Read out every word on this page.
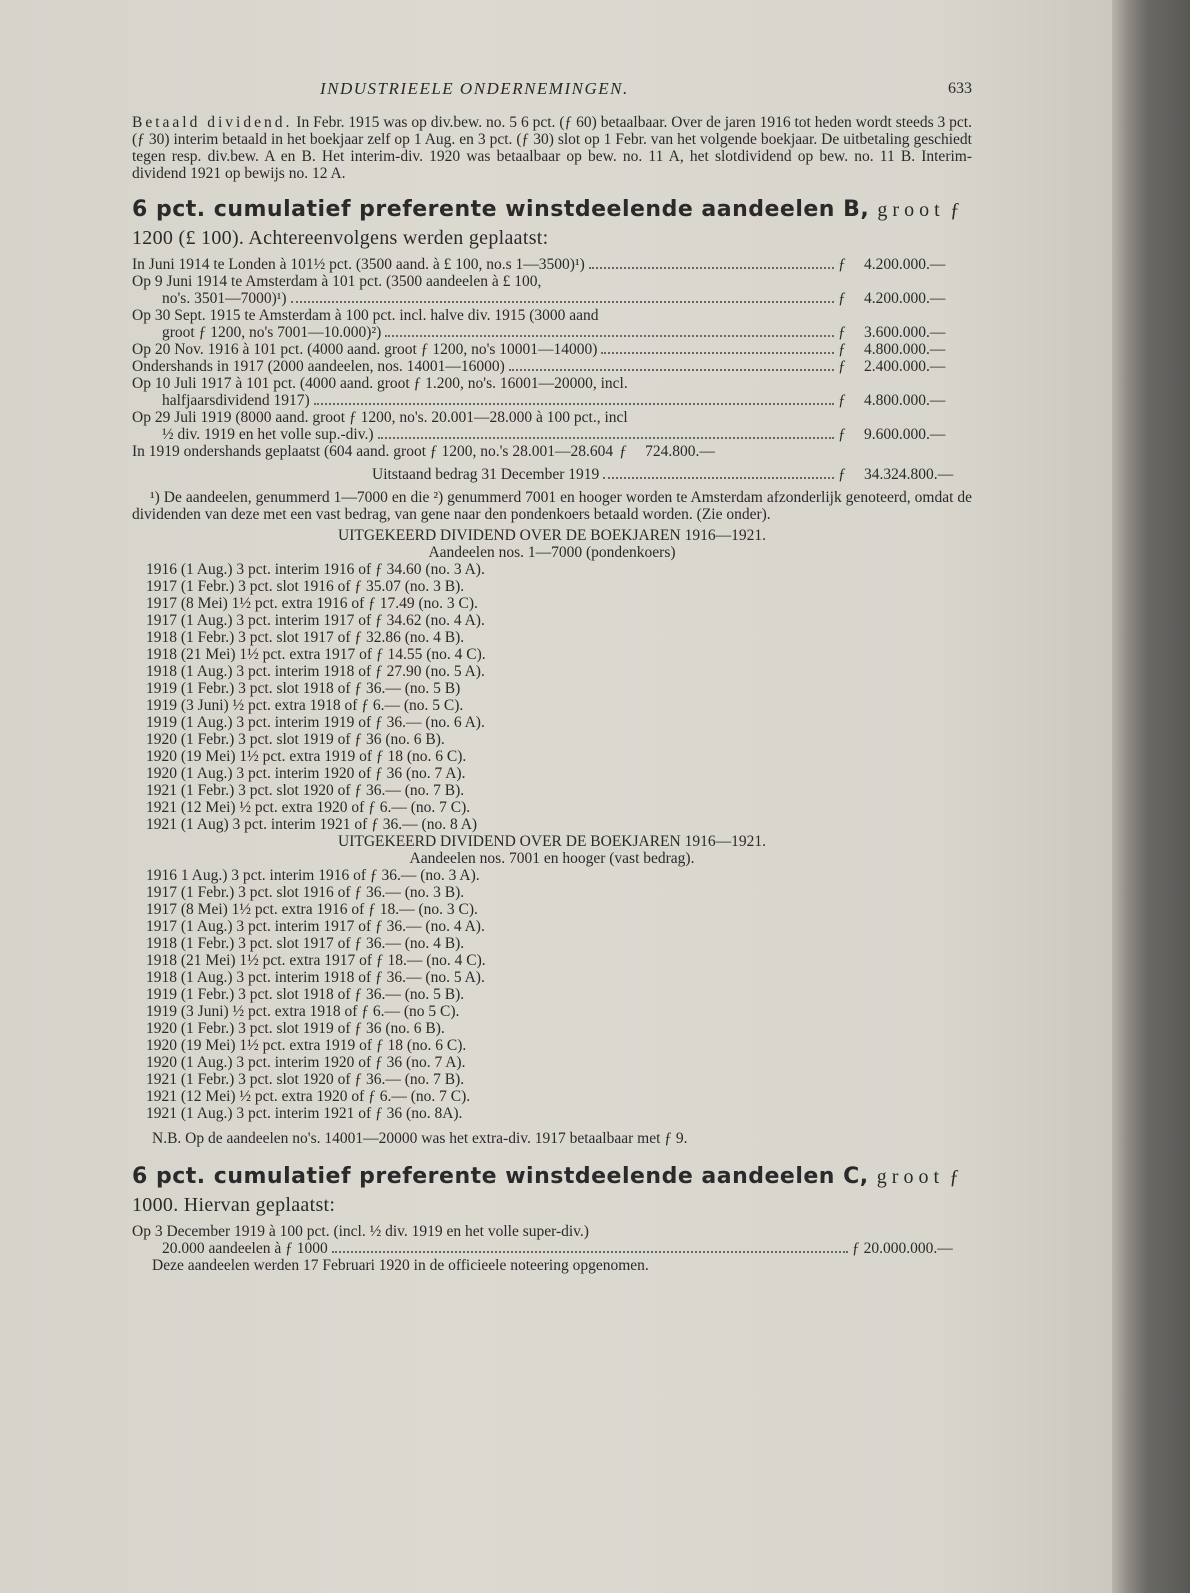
INDUSTRIEELE ONDERNEMINGEN.	633

Betaald dividend. In Febr. 1915 was op div.bew. no. 5 6 pct. (ƒ 60) betaalbaar. Over de jaren 1916 tot heden wordt steeds 3 pct. (ƒ 30) interim betaald in het boekjaar zelf op 1 Aug. en 3 pct. (ƒ 30) slot op 1 Febr. van het volgende boekjaar. De uitbetaling geschiedt tegen resp. div.bew. A en B. Het interim-div. 1920 was betaalbaar op bew. no. 11 A, het slotdividend op bew. no. 11 B. Interim-dividend 1921 op bewijs no. 12 A.

6 pct. cumulatief preferente winstdeelende aandeelen B, groot ƒ 1200 (£ 100). Achtereenvolgens werden geplaatst:
In Juni 1914 te Londen à 101½ pct. (3500 aand. à £ 100, no.s 1—3500)¹)	ƒ	4.200.000.—
Op 9 Juni 1914 te Amsterdam à 101 pct. (3500 aandeelen à £ 100,
no's. 3501—7000)¹)	ƒ	4.200.000.—
Op 30 Sept. 1915 te Amsterdam à 100 pct. incl. halve div. 1915 (3000 aand
groot ƒ 1200, no's 7001—10.000)²)	ƒ	3.600.000.—
Op 20 Nov. 1916 à 101 pct. (4000 aand. groot ƒ 1200, no's 10001—14000)	ƒ	4.800.000.—
Ondershands in 1917 (2000 aandeelen, nos. 14001—16000)	ƒ	2.400.000.—
Op 10 Juli 1917 à 101 pct. (4000 aand. groot ƒ 1.200, no's. 16001—20000, incl.
halfjaarsdividend 1917)	ƒ	4.800.000.—
Op 29 Juli 1919 (8000 aand. groot ƒ 1200, no's. 20.001—28.000 à 100 pct., incl
½ div. 1919 en het volle sup.-div.)	ƒ	9.600.000.—
In 1919 ondershands geplaatst (604 aand. groot ƒ 1200, no.'s 28.001—28.604 ƒ	724.800.—
Uitstaand bedrag 31 December 1919	ƒ	34.324.800.—

¹) De aandeelen, genummerd 1—7000 en die ²) genummerd 7001 en hooger worden te Amsterdam afzonderlijk genoteerd, omdat de dividenden van deze met een vast bedrag, van gene naar den pondenkoers betaald worden. (Zie onder).

UITGEKEERD DIVIDEND OVER DE BOEKJAREN 1916—1921.
Aandeelen nos. 1—7000 (pondenkoers)
1916 (1 Aug.) 3 pct. interim 1916 of ƒ 34.60 (no. 3 A).
1917 (1 Febr.) 3 pct. slot 1916 of ƒ 35.07 (no. 3 B).
1917 (8 Mei) 1½ pct. extra 1916 of ƒ 17.49 (no. 3 C).
1917 (1 Aug.) 3 pct. interim 1917 of ƒ 34.62 (no. 4 A).
1918 (1 Febr.) 3 pct. slot 1917 of ƒ 32.86 (no. 4 B).
1918 (21 Mei) 1½ pct. extra 1917 of ƒ 14.55 (no. 4 C).
1918 (1 Aug.) 3 pct. interim 1918 of ƒ 27.90 (no. 5 A).
1919 (1 Febr.) 3 pct. slot 1918 of ƒ 36.— (no. 5 B)
1919 (3 Juni) ½ pct. extra 1918 of ƒ 6.— (no. 5 C).
1919 (1 Aug.) 3 pct. interim 1919 of ƒ 36.— (no. 6 A).
1920 (1 Febr.) 3 pct. slot 1919 of ƒ 36 (no. 6 B).
1920 (19 Mei) 1½ pct. extra 1919 of ƒ 18 (no. 6 C).
1920 (1 Aug.) 3 pct. interim 1920 of ƒ 36 (no. 7 A).
1921 (1 Febr.) 3 pct. slot 1920 of ƒ 36.— (no. 7 B).
1921 (12 Mei) ½ pct. extra 1920 of ƒ 6.— (no. 7 C).
1921 (1 Aug) 3 pct. interim 1921 of ƒ 36.— (no. 8 A)
UITGEKEERD DIVIDEND OVER DE BOEKJAREN 1916—1921.
Aandeelen nos. 7001 en hooger (vast bedrag).
1916 1 Aug.) 3 pct. interim 1916 of ƒ 36.— (no. 3 A).
1917 (1 Febr.) 3 pct. slot 1916 of ƒ 36.— (no. 3 B).
1917 (8 Mei) 1½ pct. extra 1916 of ƒ 18.— (no. 3 C).
1917 (1 Aug.) 3 pct. interim 1917 of ƒ 36.— (no. 4 A).
1918 (1 Febr.) 3 pct. slot 1917 of ƒ 36.— (no. 4 B).
1918 (21 Mei) 1½ pct. extra 1917 of ƒ 18.— (no. 4 C).
1918 (1 Aug.) 3 pct. interim 1918 of ƒ 36.— (no. 5 A).
1919 (1 Febr.) 3 pct. slot 1918 of ƒ 36.— (no. 5 B).
1919 (3 Juni) ½ pct. extra 1918 of ƒ 6.— (no 5 C).
1920 (1 Febr.) 3 pct. slot 1919 of ƒ 36 (no. 6 B).
1920 (19 Mei) 1½ pct. extra 1919 of ƒ 18 (no. 6 C).
1920 (1 Aug.) 3 pct. interim 1920 of ƒ 36 (no. 7 A).
1921 (1 Febr.) 3 pct. slot 1920 of ƒ 36.— (no. 7 B).
1921 (12 Mei) ½ pct. extra 1920 of ƒ 6.— (no. 7 C).
1921 (1 Aug.) 3 pct. interim 1921 of ƒ 36 (no. 8A).
N.B. Op de aandeelen no's. 14001—20000 was het extra-div. 1917 betaalbaar met ƒ 9.
6 pct. cumulatief preferente winstdeelende aandeelen C, groot ƒ 1000. Hiervan geplaatst:
Op 3 December 1919 à 100 pct. (incl. ½ div. 1919 en het volle super-div.)
20.000 aandeelen à ƒ 1000	ƒ 20.000.000.—
Deze aandeelen werden 17 Februari 1920 in de officieele noteering opgenomen.
